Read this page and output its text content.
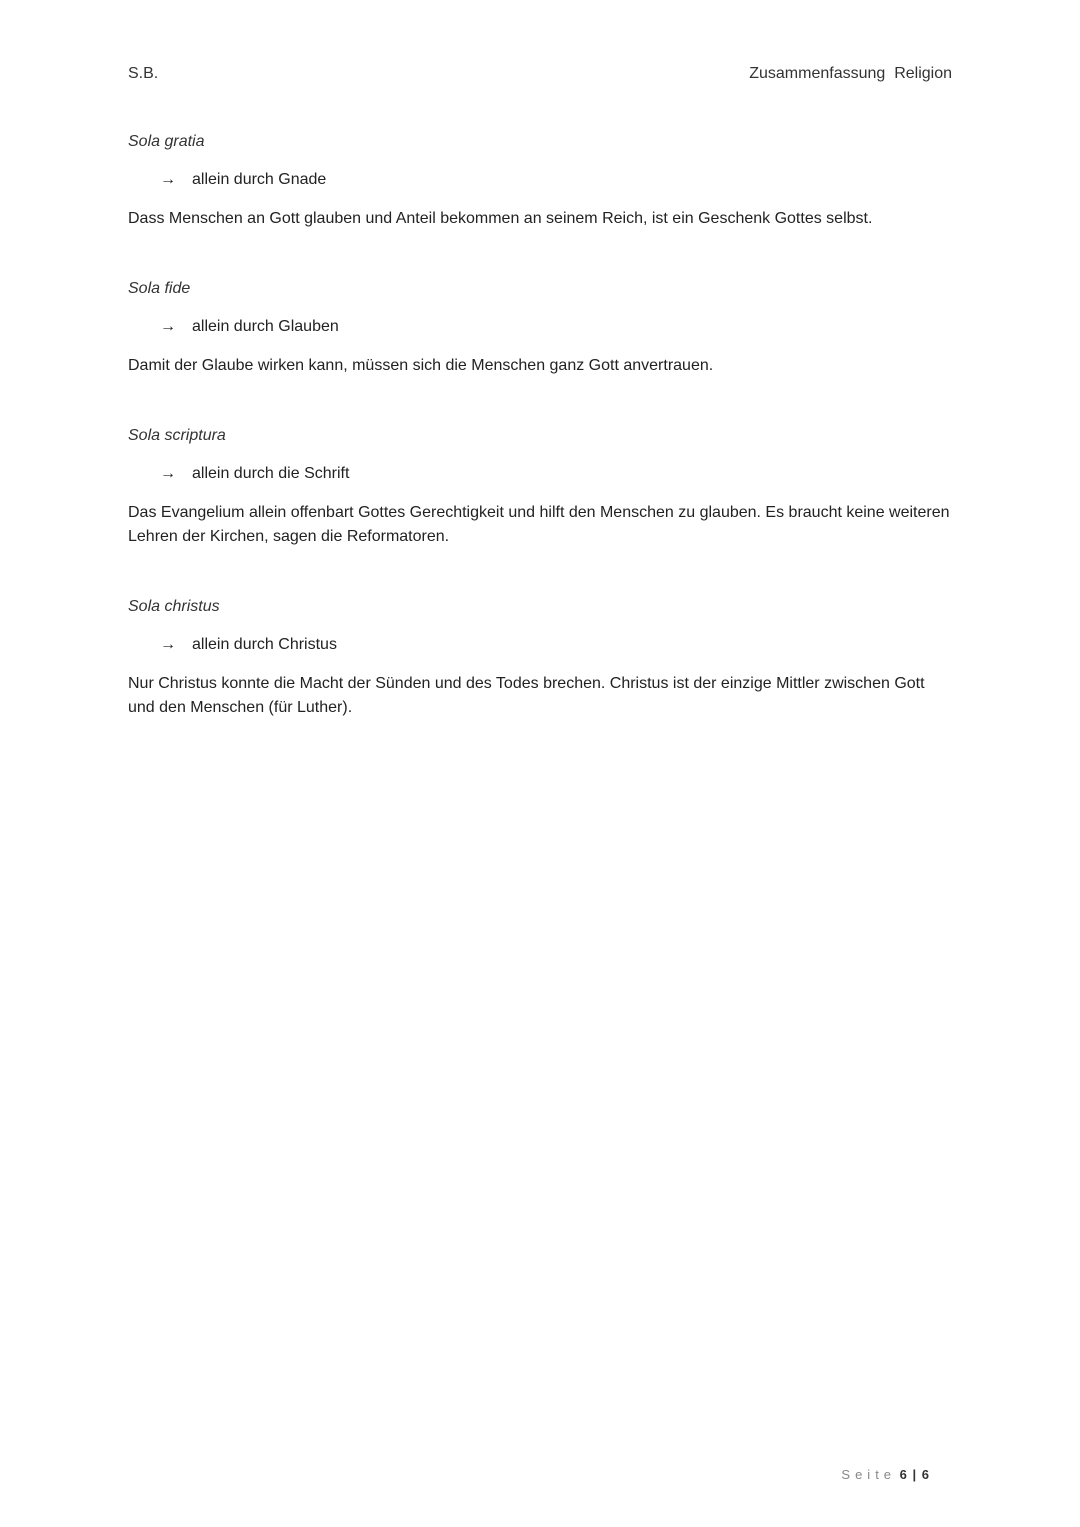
S.B.	Zusammenfassung  Religion

Sola gratia

→	allein durch Gnade
Dass Menschen an Gott glauben und Anteil bekommen an seinem Reich, ist ein Geschenk Gottes selbst.

Sola fide

→	allein durch Glauben
Damit der Glaube wirken kann, müssen sich die Menschen ganz Gott anvertrauen.

Sola scriptura

→	allein durch die Schrift
Das Evangelium allein offenbart Gottes Gerechtigkeit und hilft den Menschen zu glauben. Es braucht keine weiteren Lehren der Kirchen, sagen die Reformatoren.

Sola christus

→	allein durch Christus
Nur Christus konnte die Macht der Sünden und des Todes brechen. Christus ist der einzige Mittler zwischen Gott und den Menschen (für Luther).
Seite 6 | 6
